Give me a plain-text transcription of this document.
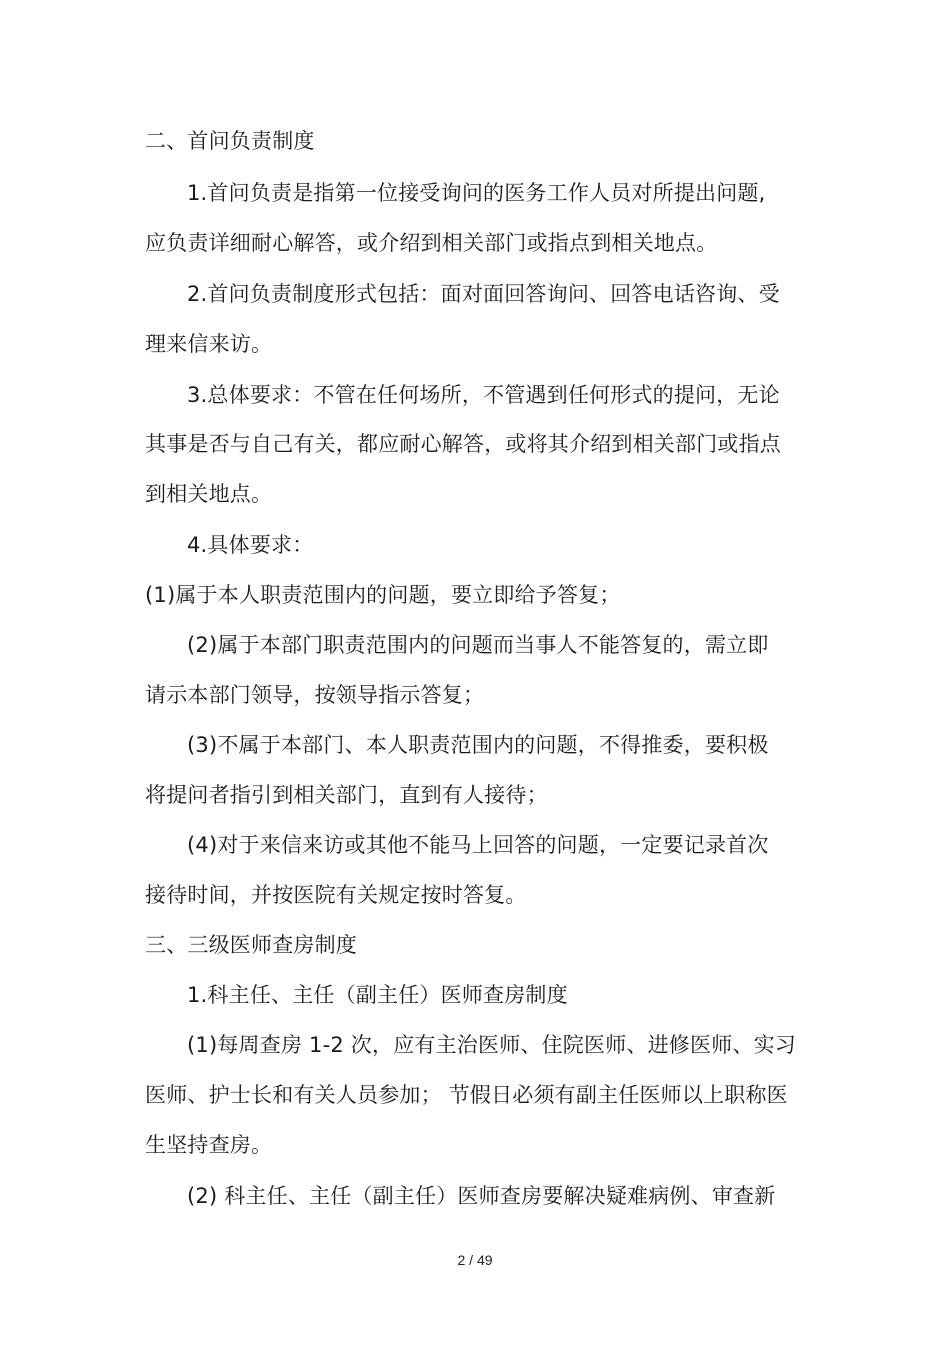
二、首问负责制度

1.首问负责是指第一位接受询问的医务工作人员对所提出问题,

应负责详细耐心解答，或介绍到相关部门或指点到相关地点。

2.首问负责制度形式包括：面对面回答询问、回答电话咨询、受

理来信来访。

3.总体要求：不管在任何场所，不管遇到任何形式的提问，无论

其事是否与自己有关，都应耐心解答，或将其介绍到相关部门或指点

到相关地点。

4.具体要求：

(1)属于本人职责范围内的问题，要立即给予答复；

(2)属于本部门职责范围内的问题而当事人不能答复的，需立即

请示本部门领导，按领导指示答复；

(3)不属于本部门、本人职责范围内的问题，不得推委，要积极

将提问者指引到相关部门，直到有人接待；

(4)对于来信来访或其他不能马上回答的问题，一定要记录首次

接待时间，并按医院有关规定按时答复。

三、三级医师查房制度

1.科主任、主任（副主任）医师查房制度

(1)每周查房 1-2 次，应有主治医师、住院医师、进修医师、实习

医师、护士长和有关人员参加； 节假日必须有副主任医师以上职称医

生坚持查房。

(2) 科主任、主任（副主任）医师查房要解决疑难病例、审查新

2 / 49
